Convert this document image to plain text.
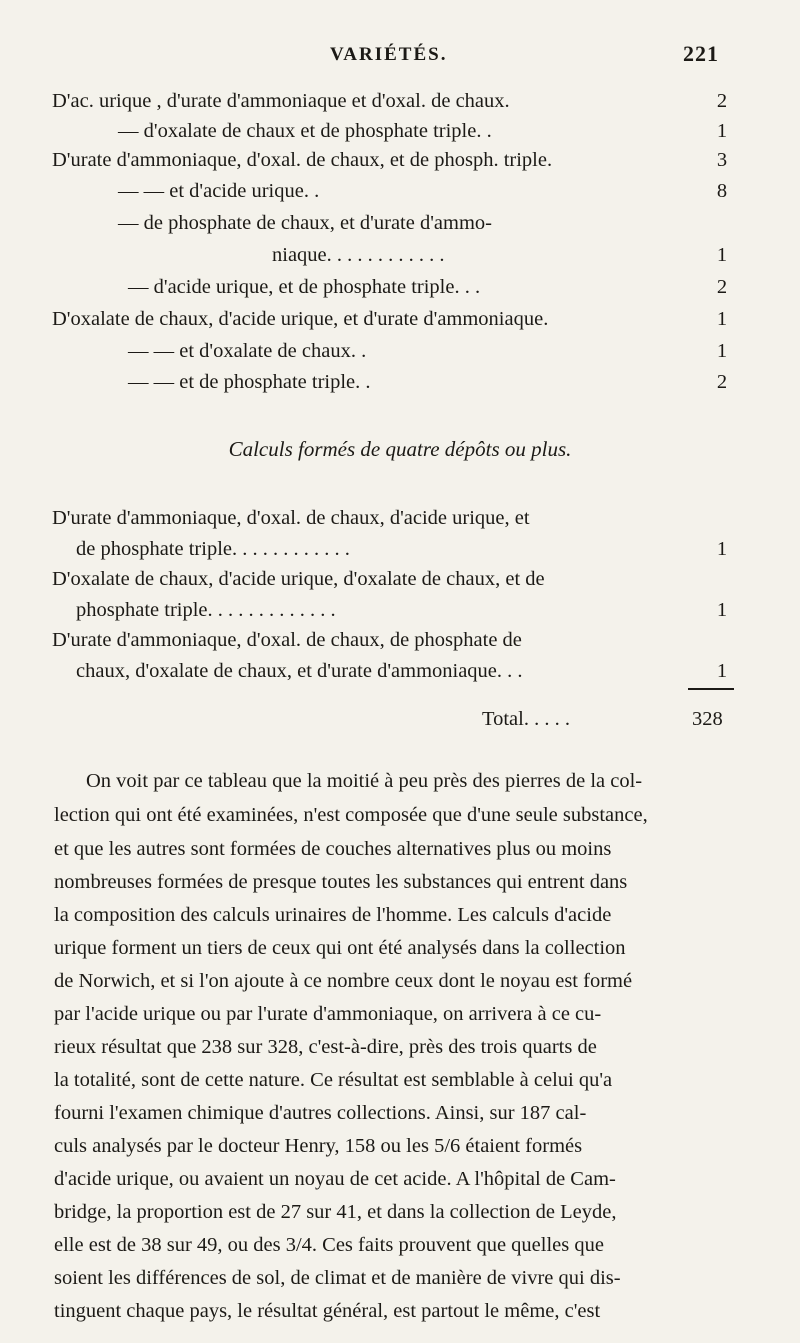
VARIÉTÉS.	221
D'ac. urique , d'urate d'ammoniaque et d'oxal. de chaux.	2
— d'oxalate de chaux et de phosphate triple. .	1
D'urate d'ammoniaque, d'oxal. de chaux, et de phosph. triple.	3
— — et d'acide urique. .	8
— de phosphate de chaux, et d'urate d'ammo-
niaque. . . . . . . . . . . .	1
— d'acide urique, et de phosphate triple. . .	2
D'oxalate de chaux, d'acide urique, et d'urate d'ammoniaque.	1
— — et d'oxalate de chaux. .	1
— — et de phosphate triple. .	2
Calculs formés de quatre dépôts ou plus.
D'urate d'ammoniaque, d'oxal. de chaux, d'acide urique, et
de phosphate triple. . . . . . . . . . . .	1
D'oxalate de chaux, d'acide urique, d'oxalate de chaux, et de
phosphate triple. . . . . . . . . . . . .	1
D'urate d'ammoniaque, d'oxal. de chaux, de phosphate de
chaux, d'oxalate de chaux, et d'urate d'ammoniaque. . .	1
Total. . . . .	328
On voit par ce tableau que la moitié à peu près des pierres de la col-
lection qui ont été examinées, n'est composée que d'une seule substance,
et que les autres sont formées de couches alternatives plus ou moins
nombreuses formées de presque toutes les substances qui entrent dans
la composition des calculs urinaires de l'homme. Les calculs d'acide
urique forment un tiers de ceux qui ont été analysés dans la collection
de Norwich, et si l'on ajoute à ce nombre ceux dont le noyau est formé
par l'acide urique ou par l'urate d'ammoniaque, on arrivera à ce cu-
rieux résultat que 238 sur 328, c'est-à-dire, près des trois quarts de
la totalité, sont de cette nature. Ce résultat est semblable à celui qu'a
fourni l'examen chimique d'autres collections. Ainsi, sur 187 cal-
culs analysés par le docteur Henry, 158 ou les 5/6 étaient formés
d'acide urique, ou avaient un noyau de cet acide. A l'hôpital de Cam-
bridge, la proportion est de 27 sur 41, et dans la collection de Leyde,
elle est de 38 sur 49, ou des 3/4. Ces faits prouvent que quelles que
soient les différences de sol, de climat et de manière de vivre qui dis-
tinguent chaque pays, le résultat général, est partout le même, c'est
